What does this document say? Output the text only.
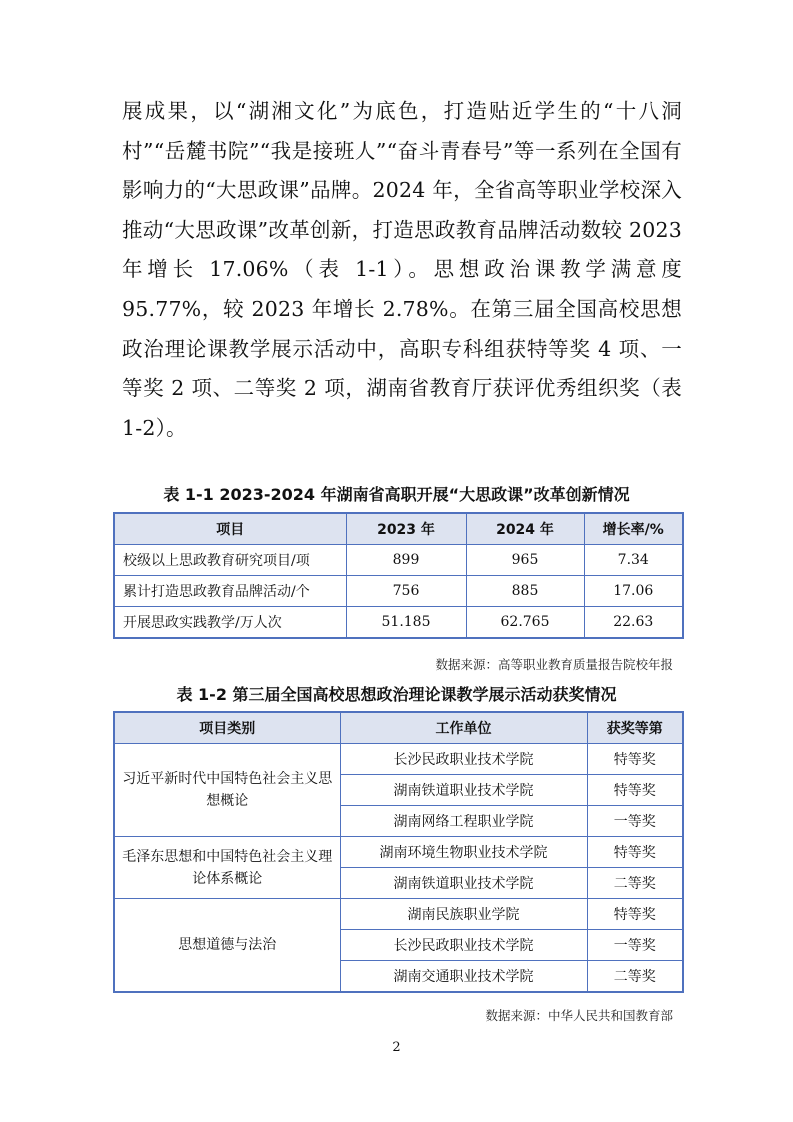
展成果，以“湖湘文化”为底色，打造贴近学生的“十八洞村”“岳麓书院”“我是接班人”“奋斗青春号”等一系列在全国有影响力的“大思政课”品牌。2024 年，全省高等职业学校深入推动“大思政课”改革创新，打造思政教育品牌活动数较 2023 年增长 17.06%（表 1-1）。思想政治课教学满意度 95.77%，较 2023 年增长 2.78%。在第三届全国高校思想政治理论课教学展示活动中，高职专科组获特等奖 4 项、一等奖 2 项、二等奖 2 项，湖南省教育厅获评优秀组织奖（表 1-2）。

表 1-1 2023-2024 年湖南省高职开展“大思政课”改革创新情况

项目	2023 年	2024 年	增长率/%
校级以上思政教育研究项目/项	899	965	7.34
累计打造思政教育品牌活动/个	756	885	17.06
开展思政实践教学/万人次	51.185	62.765	22.63

数据来源：高等职业教育质量报告院校年报

表 1-2 第三届全国高校思想政治理论课教学展示活动获奖情况

项目类别	工作单位	获奖等第
习近平新时代中国特色社会主义思想概论	长沙民政职业技术学院	特等奖
	湖南铁道职业技术学院	特等奖
	湖南网络工程职业学院	一等奖
毛泽东思想和中国特色社会主义理论体系概论	湖南环境生物职业技术学院	特等奖
	湖南铁道职业技术学院	二等奖
思想道德与法治	湖南民族职业学院	特等奖
	长沙民政职业技术学院	一等奖
	湖南交通职业技术学院	二等奖

数据来源：中华人民共和国教育部

2
